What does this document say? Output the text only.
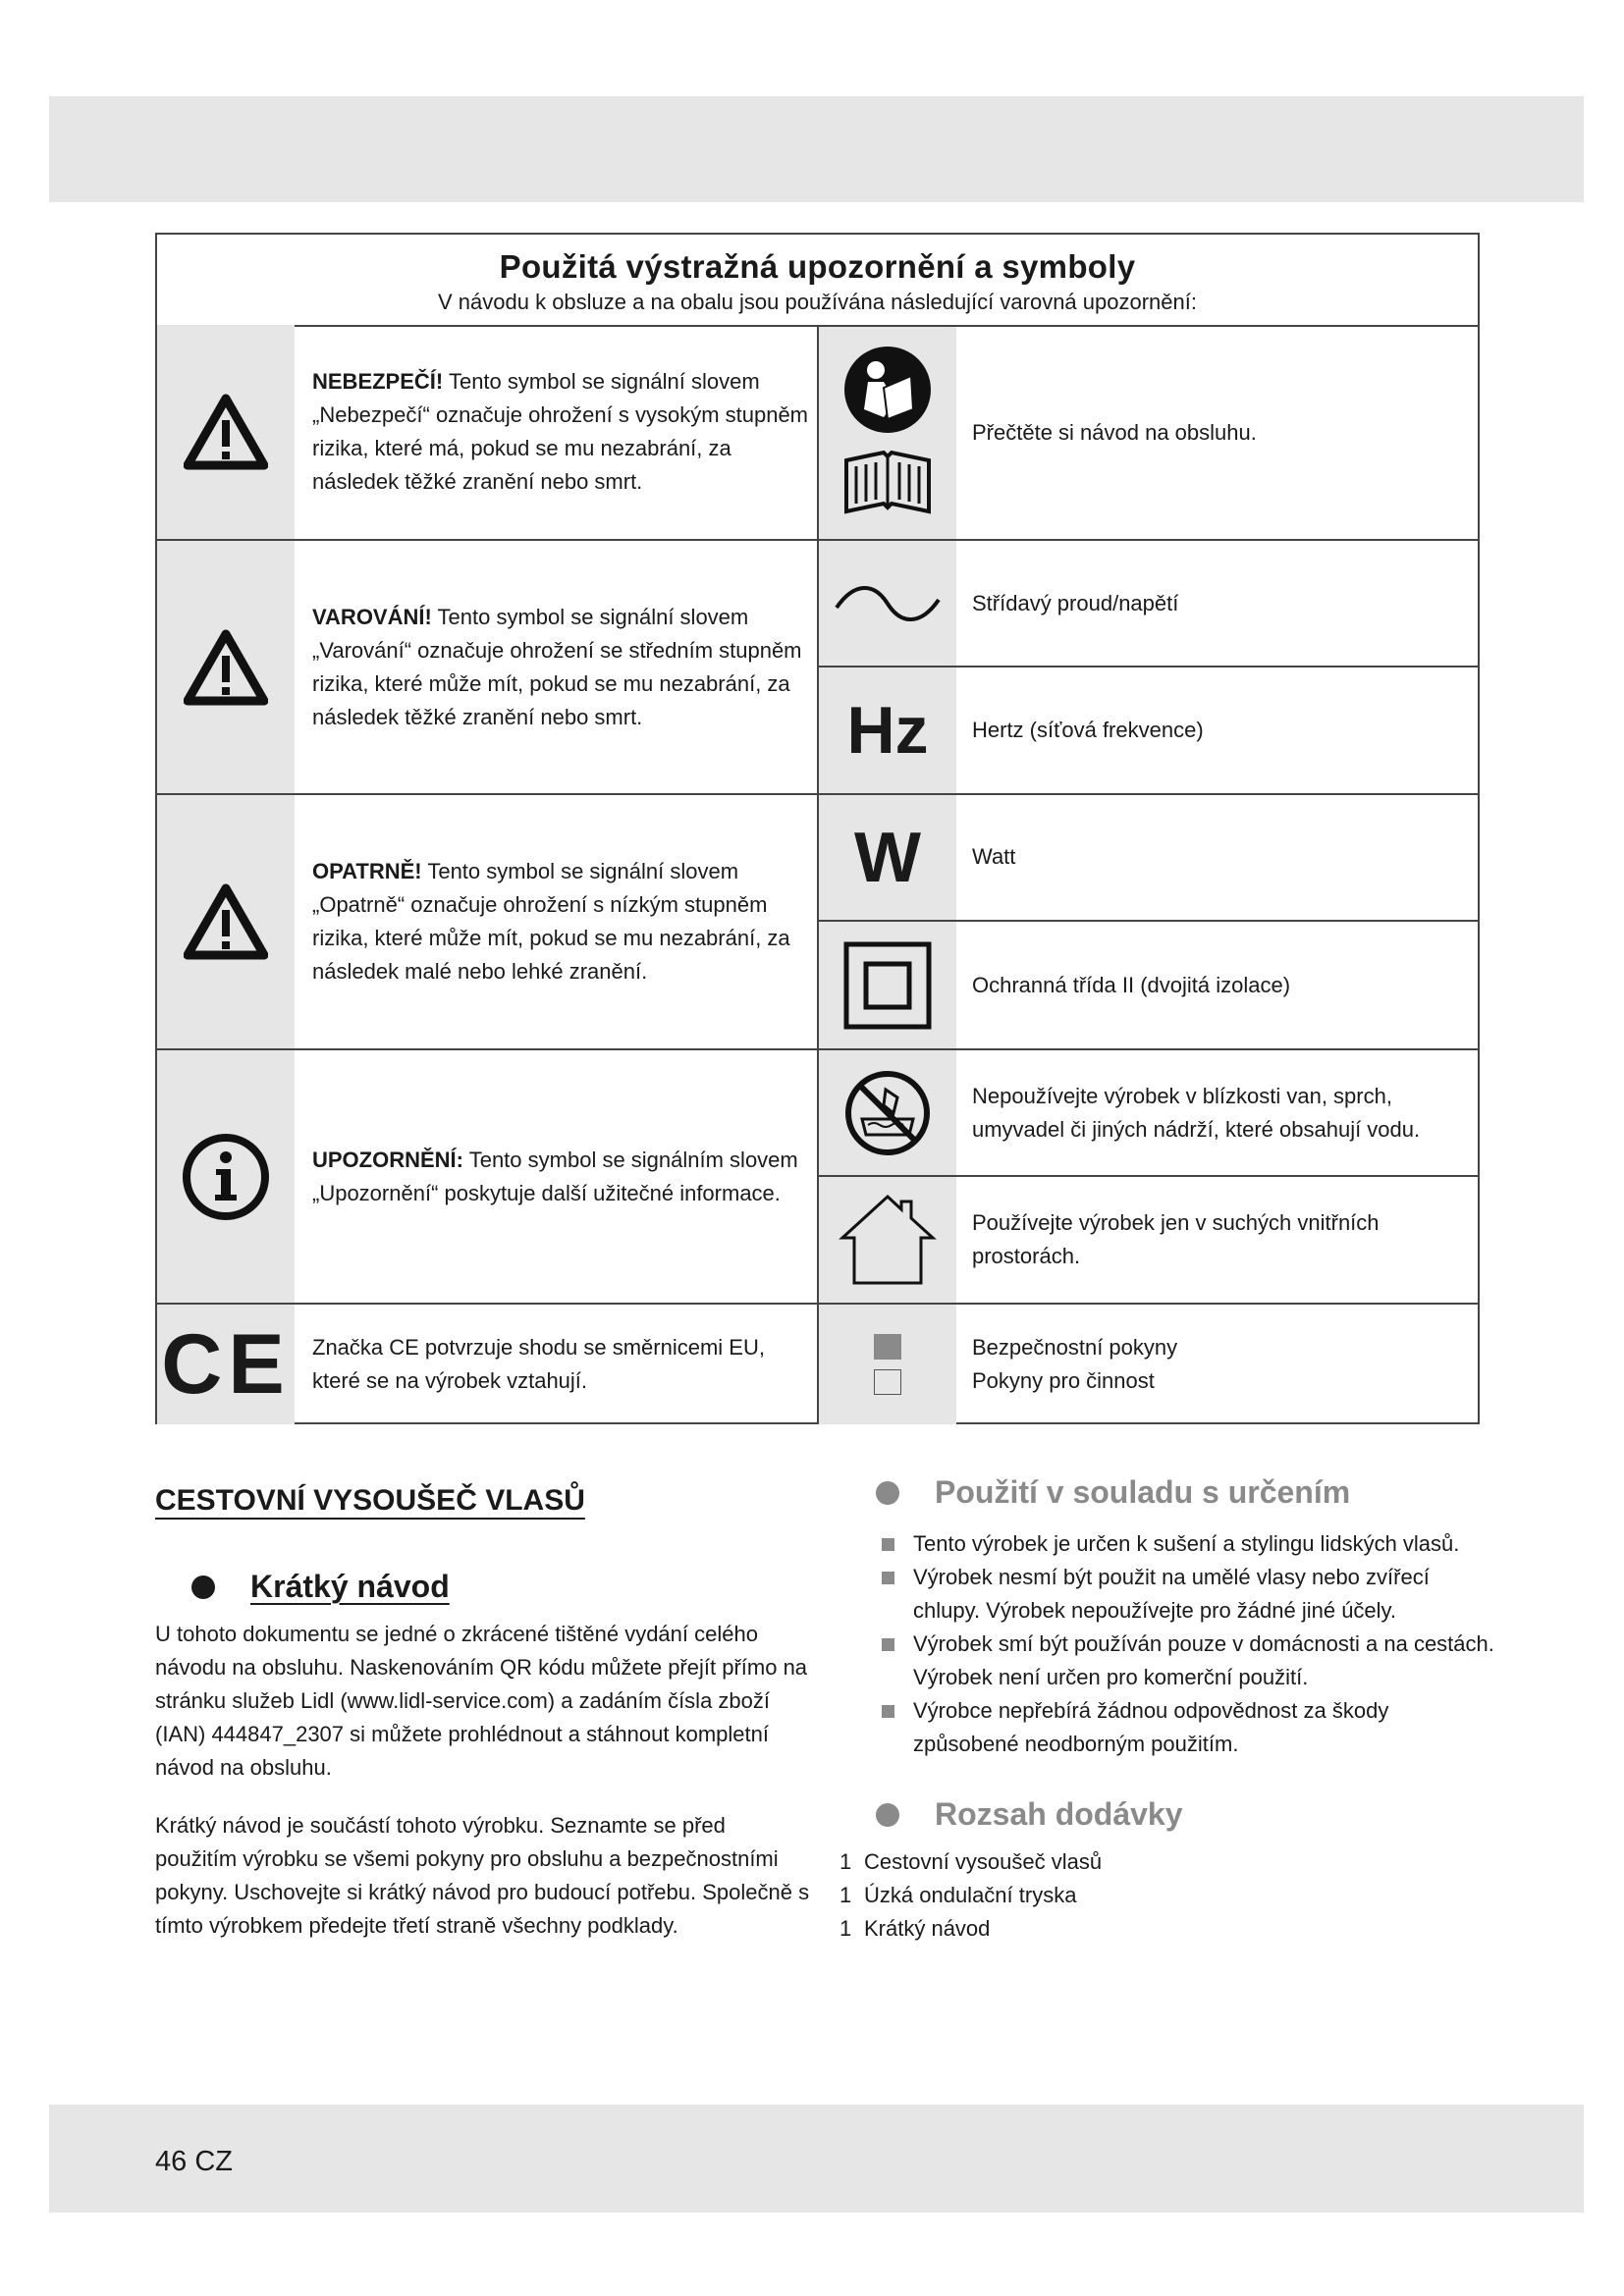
Použitá výstražná upozornění a symboly
V návodu k obsluze a na obalu jsou používána následující varovná upozornění:
NEBEZPEČÍ! Tento symbol se signální slovem „Nebezpečí“ označuje ohrožení s vysokým stupněm rizika, které má, pokud se mu nezabrání, za následek těžké zranění nebo smrt.
VAROVÁNÍ! Tento symbol se signální slovem „Varování“ označuje ohrožení se středním stupněm rizika, které může mít, pokud se mu nezabrání, za následek těžké zranění nebo smrt.
OPATRNĚ! Tento symbol se signální slovem „Opatrně“ označuje ohrožení s nízkým stupněm rizika, které může mít, pokud se mu nezabrání, za následek malé nebo lehké zranění.
UPOZORNĚNÍ: Tento symbol se signálním slovem „Upozornění“ poskytuje další užitečné informace.
CE Značka CE potvrzuje shodu se směrnicemi EU, které se na výrobek vztahují.
Přečtěte si návod na obsluhu.
Střídavý proud/napětí
Hz Hertz (síťová frekvence)
W Watt
Ochranná třída II (dvojitá izolace)
Nepoužívejte výrobek v blízkosti van, sprch, umyvadel či jiných nádrží, které obsahují vodu.
Používejte výrobek jen v suchých vnitřních prostorách.
Bezpečnostní pokyny
Pokyny pro činnost
CESTOVNÍ VYSOUŠEČ VLASŮ
Krátký návod
U tohoto dokumentu se jedné o zkrácené tištěné vydání celého návodu na obsluhu. Naskenováním QR kódu můžete přejít přímo na stránku služeb Lidl (www.lidl-service.com) a zadáním čísla zboží (IAN) 444847_2307 si můžete prohlédnout a stáhnout kompletní návod na obsluhu.
Krátký návod je součástí tohoto výrobku. Seznamte se před použitím výrobku se všemi pokyny pro obsluhu a bezpečnostními pokyny. Uschovejte si krátký návod pro budoucí potřebu. Společně s tímto výrobkem předejte třetí straně všechny podklady.
Použití v souladu s určením
Tento výrobek je určen k sušení a stylingu lidských vlasů.
Výrobek nesmí být použit na umělé vlasy nebo zvířecí chlupy. Výrobek nepoužívejte pro žádné jiné účely.
Výrobek smí být používán pouze v domácnosti a na cestách. Výrobek není určen pro komerční použití.
Výrobce nepřebírá žádnou odpovědnost za škody způsobené neodborným použitím.
Rozsah dodávky
1 Cestovní vysoušeč vlasů
1 Úzká ondulační tryska
1 Krátký návod
46 CZ
